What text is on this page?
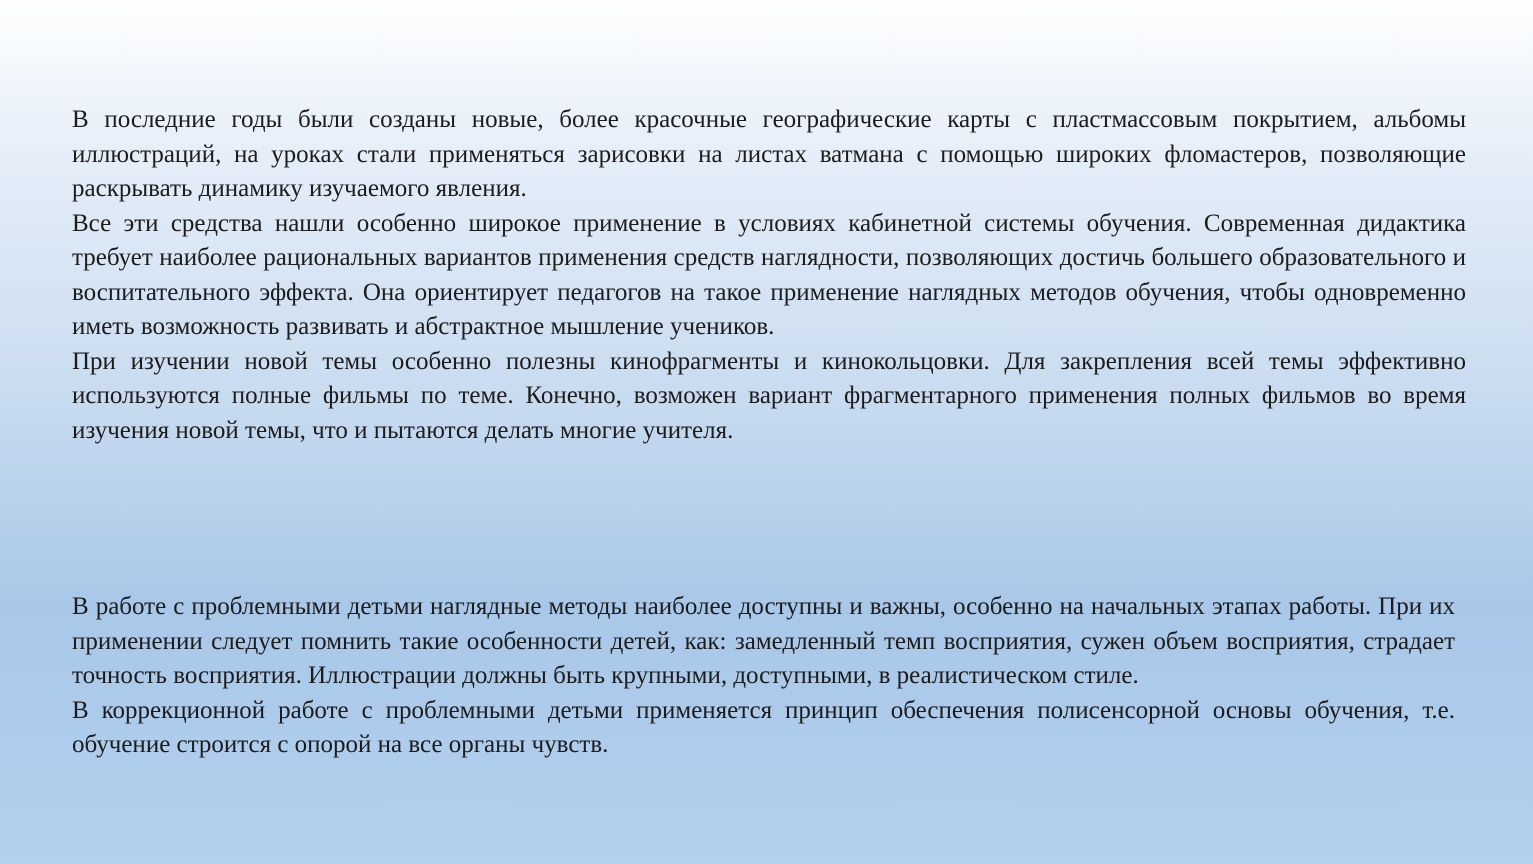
В последние годы были созданы новые, более красочные географические карты с пластмассовым покрытием, альбомы иллюстраций, на уроках стали применяться зарисовки на листах ватмана с помощью широких фломастеров, позволяющие раскрывать динамику изучаемого явления.

Все эти средства нашли особенно широкое применение в условиях кабинетной системы обучения. Современная дидактика требует наиболее рациональных вариантов применения средств наглядности, позволяющих достичь большего образовательного и воспитательного эффекта. Она ориентирует педагогов на такое применение наглядных методов обучения, чтобы одновременно иметь возможность развивать и абстрактное мышление учеников.

При изучении новой темы особенно полезны кинофрагменты и кинокольцовки. Для закрепления всей темы эффективно используются полные фильмы по теме. Конечно, возможен вариант фрагментарного применения полных фильмов во время изучения новой темы, что и пытаются делать многие учителя.

В работе с проблемными детьми наглядные методы наиболее доступны и важны, особенно на начальных этапах работы. При их применении следует помнить такие особенности детей, как: замедленный темп восприятия, сужен объем восприятия, страдает точность восприятия. Иллюстрации должны быть крупными, доступными, в реалистическом стиле.

В коррекционной работе с проблемными детьми применяется принцип обеспечения полисенсорной основы обучения, т.е. обучение строится с опорой на все органы чувств.
